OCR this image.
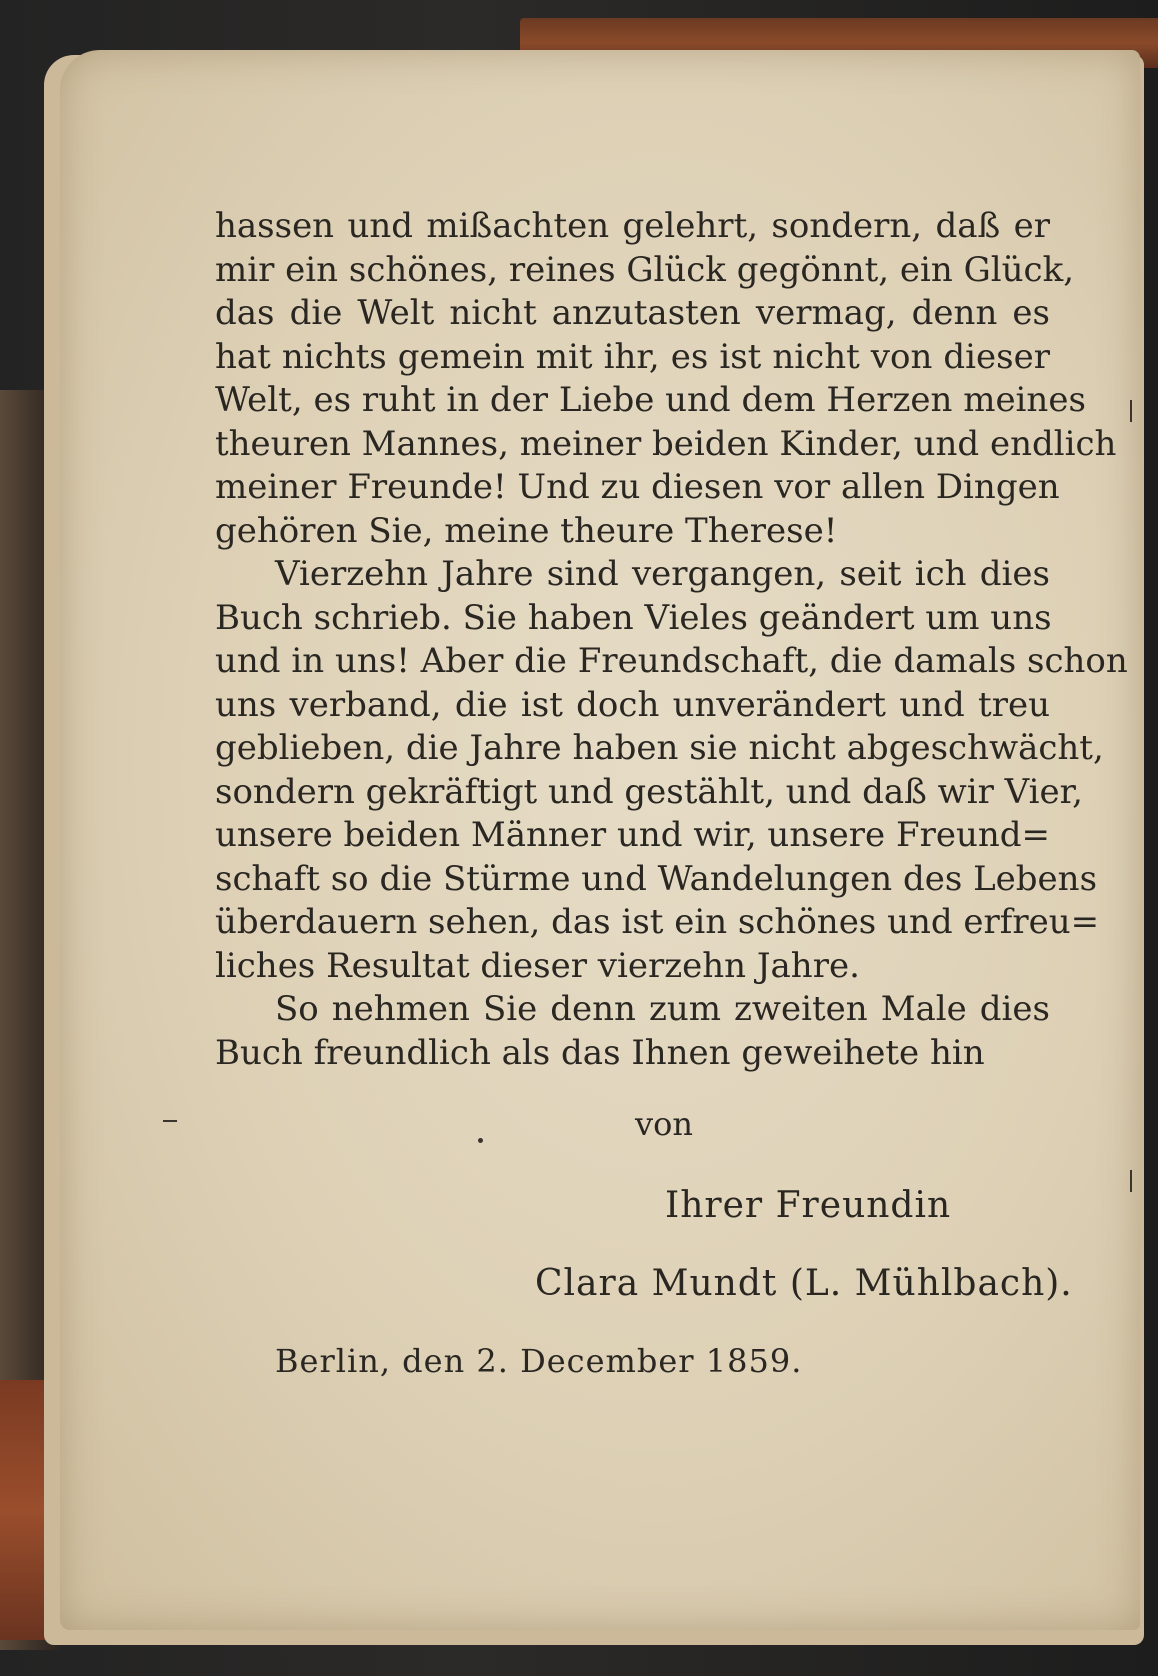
hassen und mißachten gelehrt, sondern, daß er
mir ein schönes, reines Glück gegönnt, ein Glück,
das die Welt nicht anzutasten vermag, denn es
hat nichts gemein mit ihr, es ist nicht von dieser
Welt, es ruht in der Liebe und dem Herzen meines
theuren Mannes, meiner beiden Kinder, und endlich
meiner Freunde! Und zu diesen vor allen Dingen
gehören Sie, meine theure Therese!
Vierzehn Jahre sind vergangen, seit ich dies
Buch schrieb. Sie haben Vieles geändert um uns
und in uns! Aber die Freundschaft, die damals schon
uns verband, die ist doch unverändert und treu
geblieben, die Jahre haben sie nicht abgeschwächt,
sondern gekräftigt und gestählt, und daß wir Vier,
unsere beiden Männer und wir, unsere Freund=
schaft so die Stürme und Wandelungen des Lebens
überdauern sehen, das ist ein schönes und erfreu=
liches Resultat dieser vierzehn Jahre.
So nehmen Sie denn zum zweiten Male dies
Buch freundlich als das Ihnen geweihete hin
von
Ihrer Freundin
Clara Mundt (L. Mühlbach).
Berlin, den 2. December 1859.
